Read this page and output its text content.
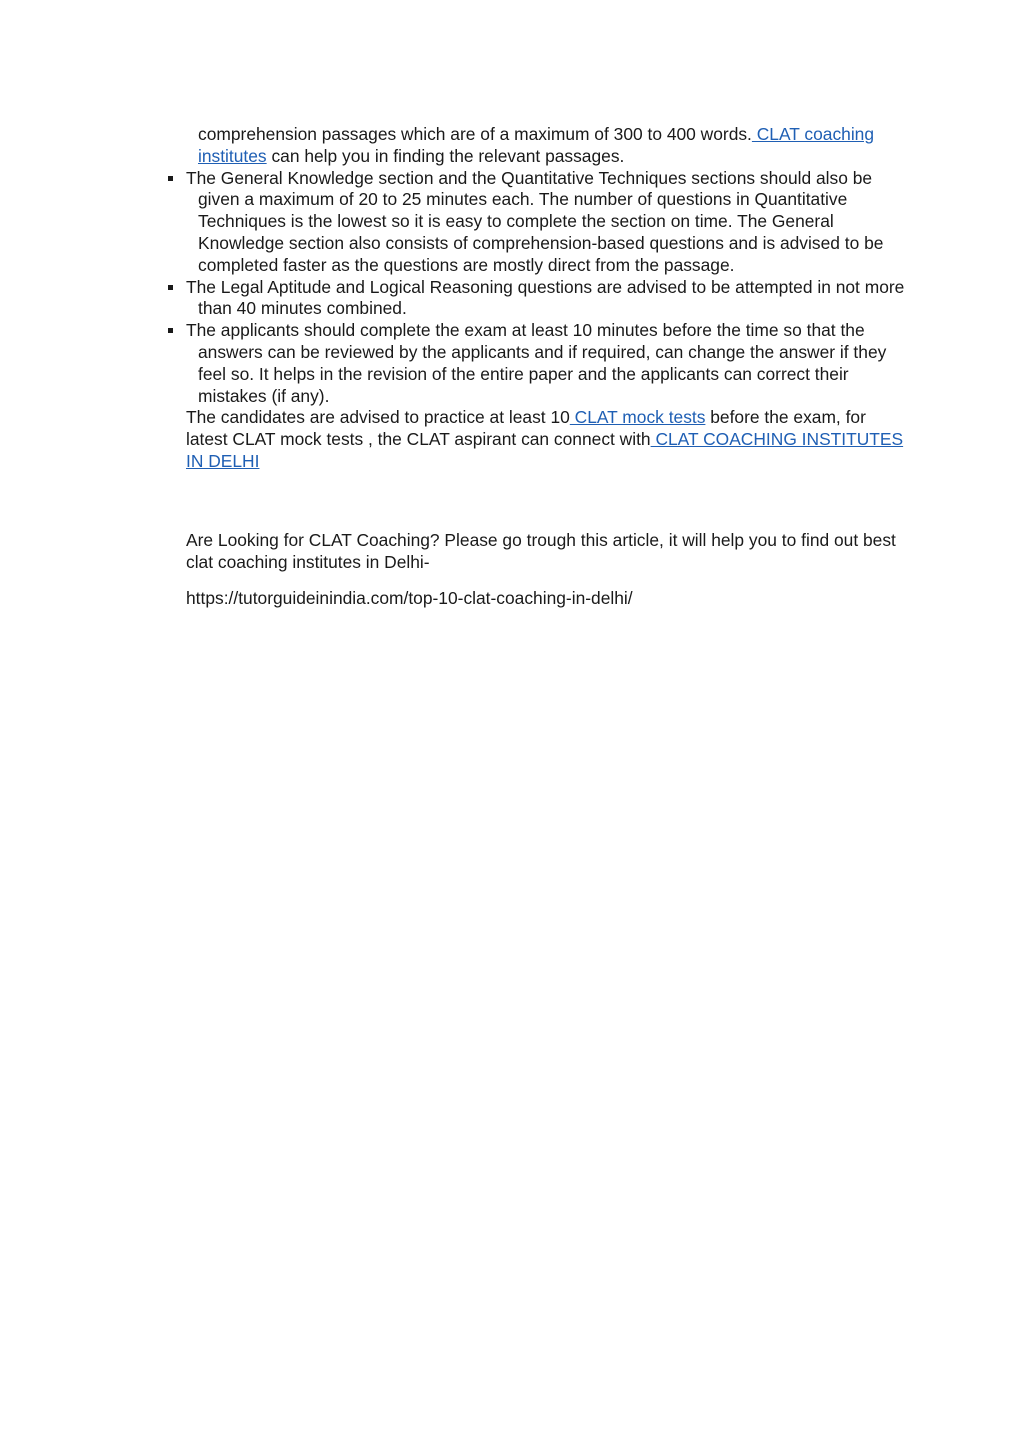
comprehension passages which are of a maximum of 300 to 400 words. CLAT coaching institutes can help you in finding the relevant passages.

The General Knowledge section and the Quantitative Techniques sections should also be given a maximum of 20 to 25 minutes each. The number of questions in Quantitative Techniques is the lowest so it is easy to complete the section on time. The General Knowledge section also consists of comprehension-based questions and is advised to be completed faster as the questions are mostly direct from the passage.
The Legal Aptitude and Logical Reasoning questions are advised to be attempted in not more than 40 minutes combined.
The applicants should complete the exam at least 10 minutes before the time so that the answers can be reviewed by the applicants and if required, can change the answer if they feel so. It helps in the revision of the entire paper and the applicants can correct their mistakes (if any).

The candidates are advised to practice at least 10 CLAT mock tests before the exam, for latest CLAT mock tests , the CLAT aspirant can connect with CLAT COACHING INSTITUTES IN DELHI

Are Looking for CLAT Coaching? Please go trough this article, it will help you to find out best clat coaching institutes in Delhi-

https://tutorguideinindia.com/top-10-clat-coaching-in-delhi/
